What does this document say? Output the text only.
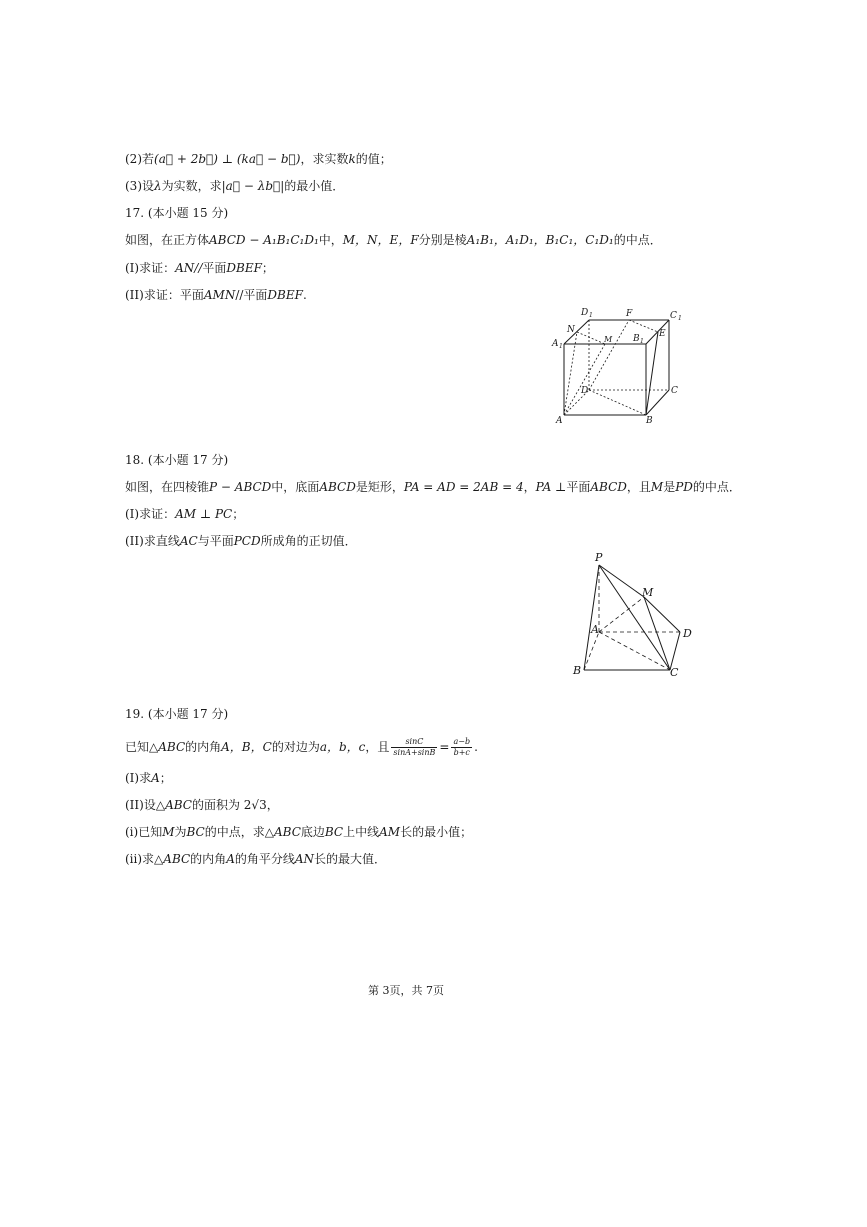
(2)若(a⃗ + 2b⃗) ⊥ (ka⃗ − b⃗)，求实数k的值；
(3)设λ为实数，求|a⃗ − λb⃗|的最小值．
17. (本小题 15 分)
如图，在正方体ABCD − A₁B₁C₁D₁中，M，N，E，F分别是棱A₁B₁，A₁D₁，B₁C₁，C₁D₁的中点．
(I)求证：AN//平面DBEF；
(II)求证：平面AMN//平面DBEF.
D 1	F	C 1
N
A 1
M B 1
E
D	C
A	B
18. (本小题 17 分)
如图，在四棱锥P − ABCD中，底面ABCD是矩形，PA = AD = 2AB = 4，PA ⊥平面ABCD，且M是PD的中点．
(I)求证：AM ⊥ PC；
(II)求直线AC与平面PCD所成角的正切值．
P
M
A	D
B	C
19. (本小题 17 分)
已知△ABC的内角A，B，C的对边为a，b，c，且 $\frac{\sin C}{\sin A+\sin B} = \frac{a-b}{b+c}$ .
(I)求A；
(II)设△ABC的面积为 2√3，
(i)已知M为BC的中点，求△ABC底边BC上中线AM长的最小值；
(ii)求△ABC的内角A的角平分线AN长的最大值．
第 3页，共 7页
